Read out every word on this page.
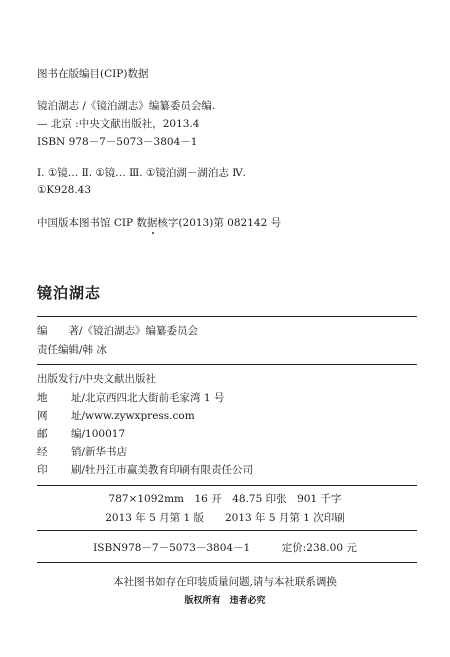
图书在版编目(CIP)数据
镜泊湖志 /《镜泊湖志》编纂委员会编.
— 北京 :中央文献出版社，2013.4
ISBN 978－7－5073－3804－1
Ⅰ. ①镜… Ⅱ. ①镜… Ⅲ. ①镜泊湖－湖泊志 Ⅳ.
①K928.43
中国版本图书馆 CIP 数据核字(2013)第 082142 号
镜泊湖志
编　　著/《镜泊湖志》编纂委员会
责任编辑/韩 冰
出版发行/中央文献出版社
地 址/北京西四北大街前毛家湾 1 号
网 址/www.zywxpress.com
邮 编/100017
经 销/新华书店
印 刷/牡丹江市赢美教育印刷有限责任公司
787×1092mm　16 开　48.75 印张　901 千字
2013 年 5 月第 1 版　　2013 年 5 月第 1 次印刷
ISBN978－7－5073－3804－1　　　定价:238.00 元
本社图书如存在印装质量问题,请与本社联系调换
版权所有　违者必究
